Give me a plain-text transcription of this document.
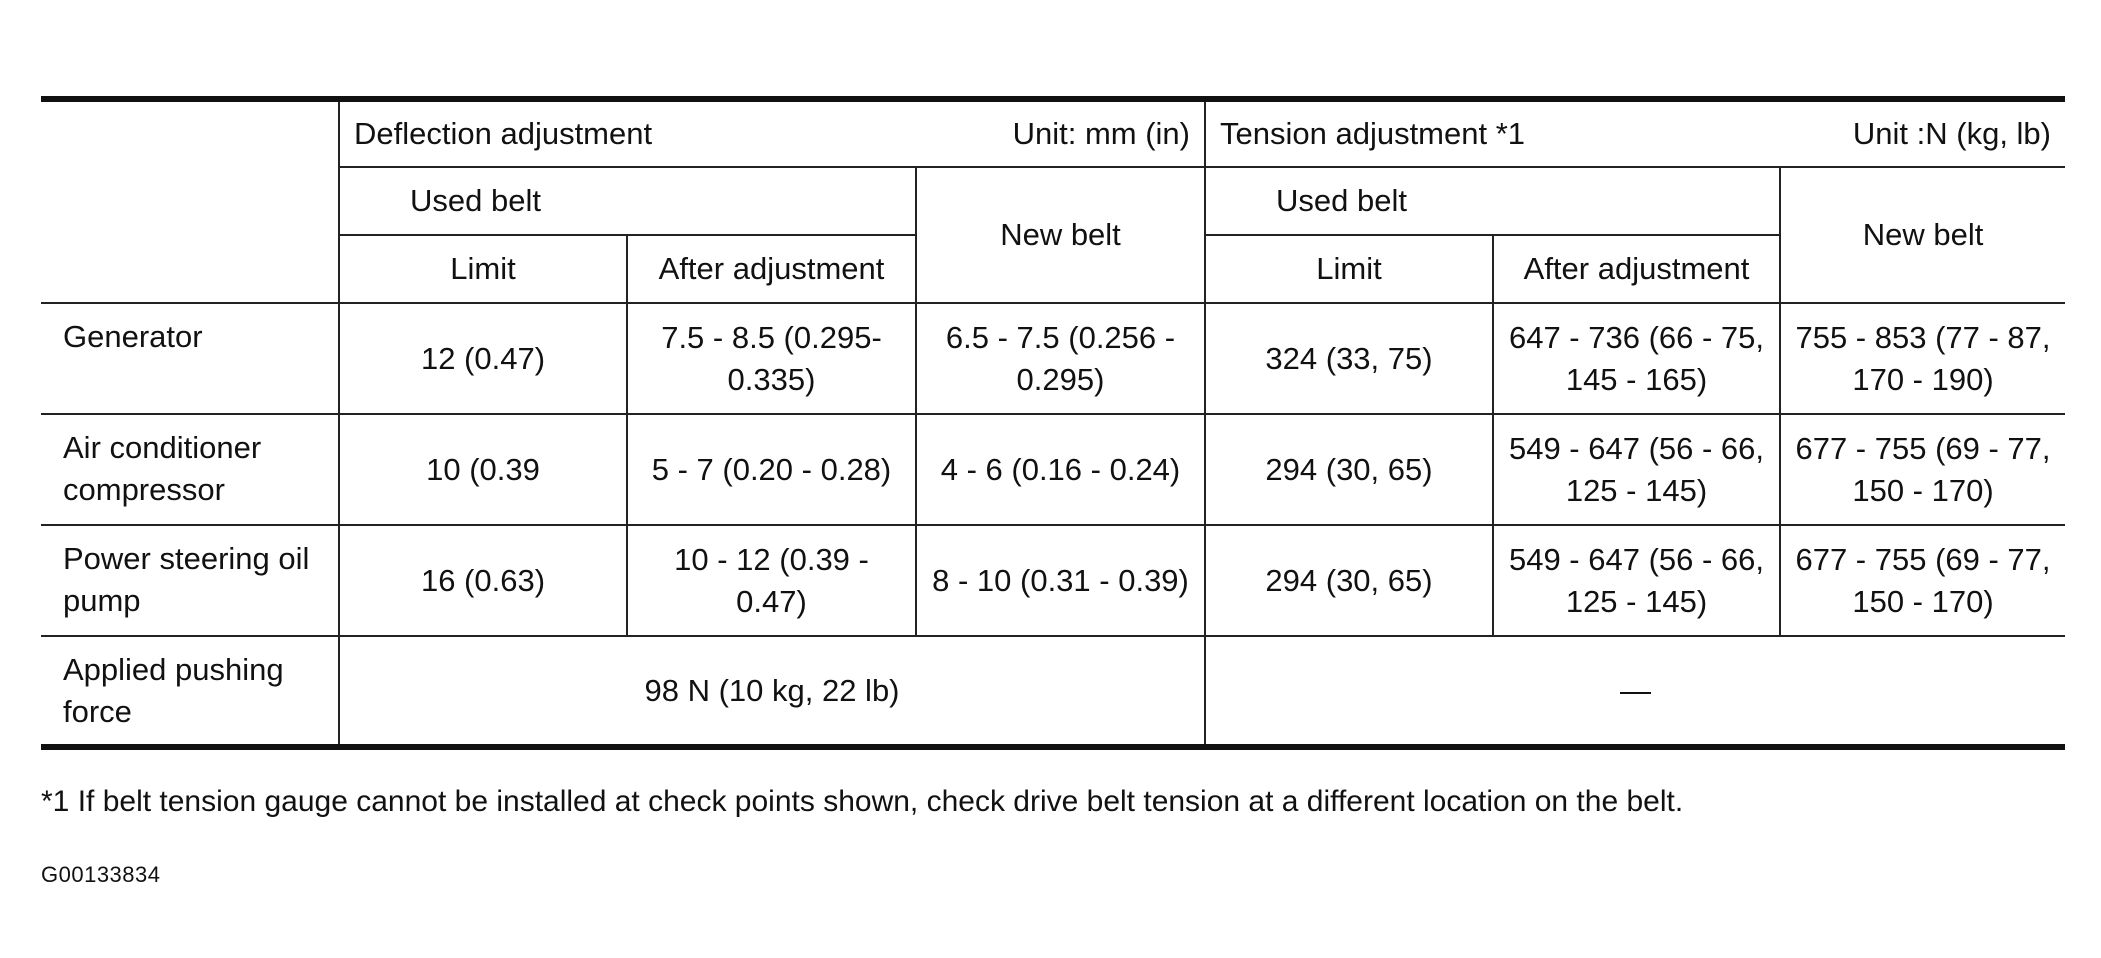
	Deflection adjustment Unit: mm (in)			Tension adjustment *1 Unit :N (kg, lb)		

	Used belt		New belt	Used belt		New belt
	Limit	After adjustment		Limit	After adjustment	
Generator	12 (0.47)	7.5 - 8.5 (0.295- 0.335)	6.5 - 7.5 (0.256 - 0.295)	324 (33, 75)	647 - 736 (66 - 75, 145 - 165)	755 - 853 (77 - 87, 170 - 190)
Air conditioner compressor	10 (0.39	5 - 7 (0.20 - 0.28)	4 - 6 (0.16 - 0.24)	294 (30, 65)	549 - 647 (56 - 66, 125 - 145)	677 - 755 (69 - 77, 150 - 170)
Power steering oil pump	16 (0.63)	10 - 12 (0.39 - 0.47)	8 - 10 (0.31 - 0.39)	294 (30, 65)	549 - 647 (56 - 66, 125 - 145)	677 - 755 (69 - 77, 150 - 170)
Applied pushing force	98 N (10 kg, 22 lb)			—		
*1 If belt tension gauge cannot be installed at check points shown, check drive belt tension at a different location on the belt.
G00133834
